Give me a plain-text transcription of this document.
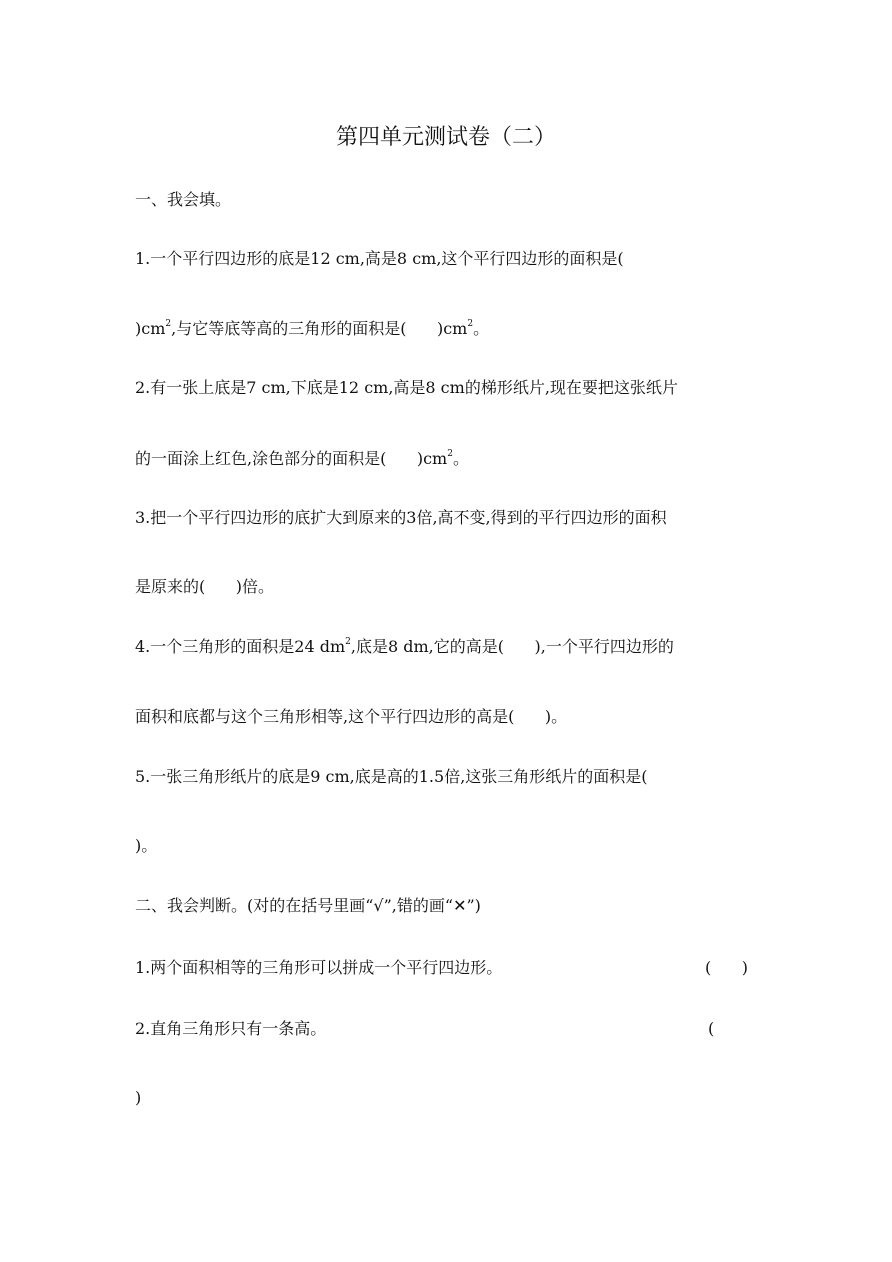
第四单元测试卷（二）
一、我会填。
1.一个平行四边形的底是12 cm,高是8 cm,这个平行四边形的面积是(
)$cm^2$,与它等底等高的三角形的面积是(      )$cm^2$。
2.有一张上底是7 cm,下底是12 cm,高是8 cm的梯形纸片,现在要把这张纸片
的一面涂上红色,涂色部分的面积是(      )$cm^2$。
3.把一个平行四边形的底扩大到原来的3倍,高不变,得到的平行四边形的面积
是原来的(      )倍。
4.一个三角形的面积是24 $dm^2$,底是8 dm,它的高是(      ),一个平行四边形的
面积和底都与这个三角形相等,这个平行四边形的高是(      )。
5.一张三角形纸片的底是9 cm,底是高的1.5倍,这张三角形纸片的面积是(
)。
二、我会判断。(对的在括号里画“√”,错的画“✕”)
1.两个面积相等的三角形可以拼成一个平行四边形。	(      )
2.直角三角形只有一条高。	(
)
